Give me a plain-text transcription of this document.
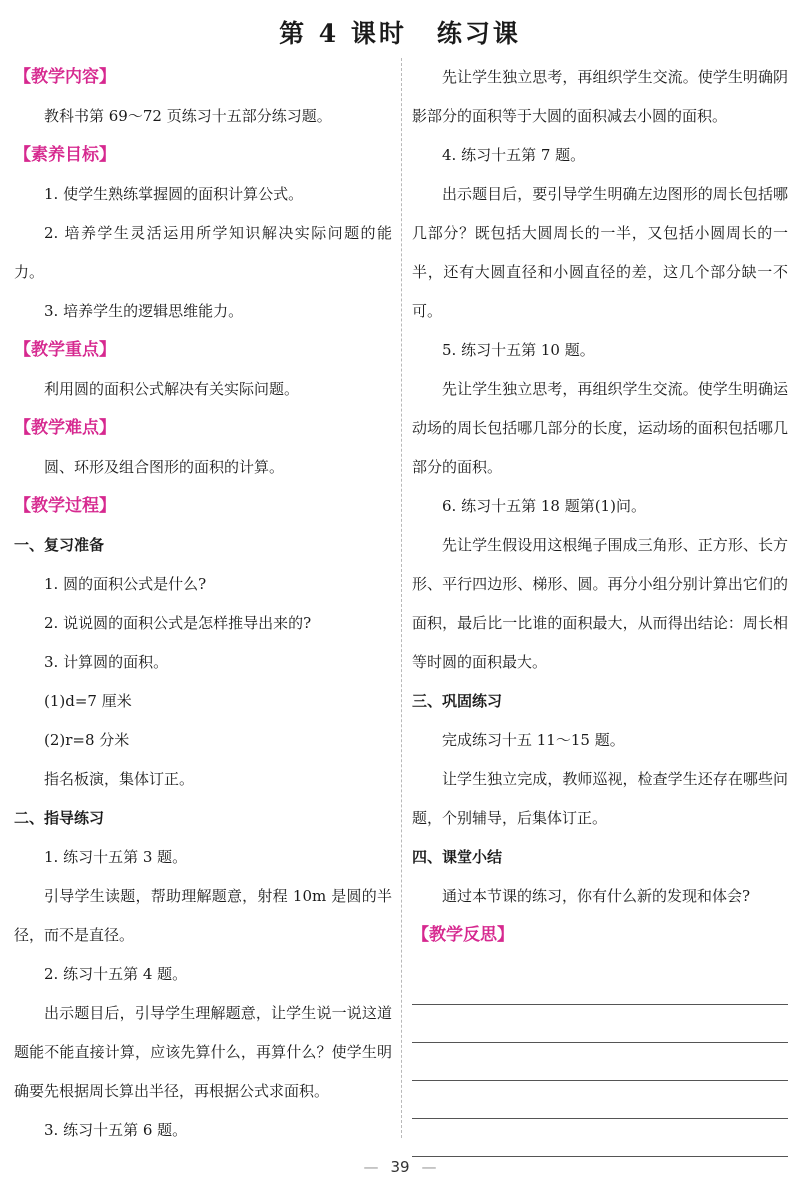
第 4 课时 练习课
【教学内容】
教科书第 69～72 页练习十五部分练习题。
【素养目标】
1. 使学生熟练掌握圆的面积计算公式。
2. 培养学生灵活运用所学知识解决实际问题的能力。
3. 培养学生的逻辑思维能力。
【教学重点】
利用圆的面积公式解决有关实际问题。
【教学难点】
圆、环形及组合图形的面积的计算。
【教学过程】
一、复习准备
1. 圆的面积公式是什么?
2. 说说圆的面积公式是怎样推导出来的?
3. 计算圆的面积。
(1)d=7 厘米
(2)r=8 分米
指名板演，集体订正。
二、指导练习
1. 练习十五第 3 题。
引导学生读题，帮助理解题意，射程 10m 是圆的半径，而不是直径。
2. 练习十五第 4 题。
出示题目后，引导学生理解题意，让学生说一说这道题能不能直接计算，应该先算什么，再算什么？使学生明确要先根据周长算出半径，再根据公式求面积。
3. 练习十五第 6 题。
先让学生独立思考，再组织学生交流。使学生明确阴影部分的面积等于大圆的面积减去小圆的面积。
4. 练习十五第 7 题。
出示题目后，要引导学生明确左边图形的周长包括哪几部分？既包括大圆周长的一半，又包括小圆周长的一半，还有大圆直径和小圆直径的差，这几个部分缺一不可。
5. 练习十五第 10 题。
先让学生独立思考，再组织学生交流。使学生明确运动场的周长包括哪几部分的长度，运动场的面积包括哪几部分的面积。
6. 练习十五第 18 题第(1)问。
先让学生假设用这根绳子围成三角形、正方形、长方形、平行四边形、梯形、圆。再分小组分别计算出它们的面积，最后比一比谁的面积最大，从而得出结论：周长相等时圆的面积最大。
三、巩固练习
完成练习十五 11～15 题。
让学生独立完成，教师巡视，检查学生还存在哪些问题，个别辅导，后集体订正。
四、课堂小结
通过本节课的练习，你有什么新的发现和体会?
【教学反思】
— 39 —
